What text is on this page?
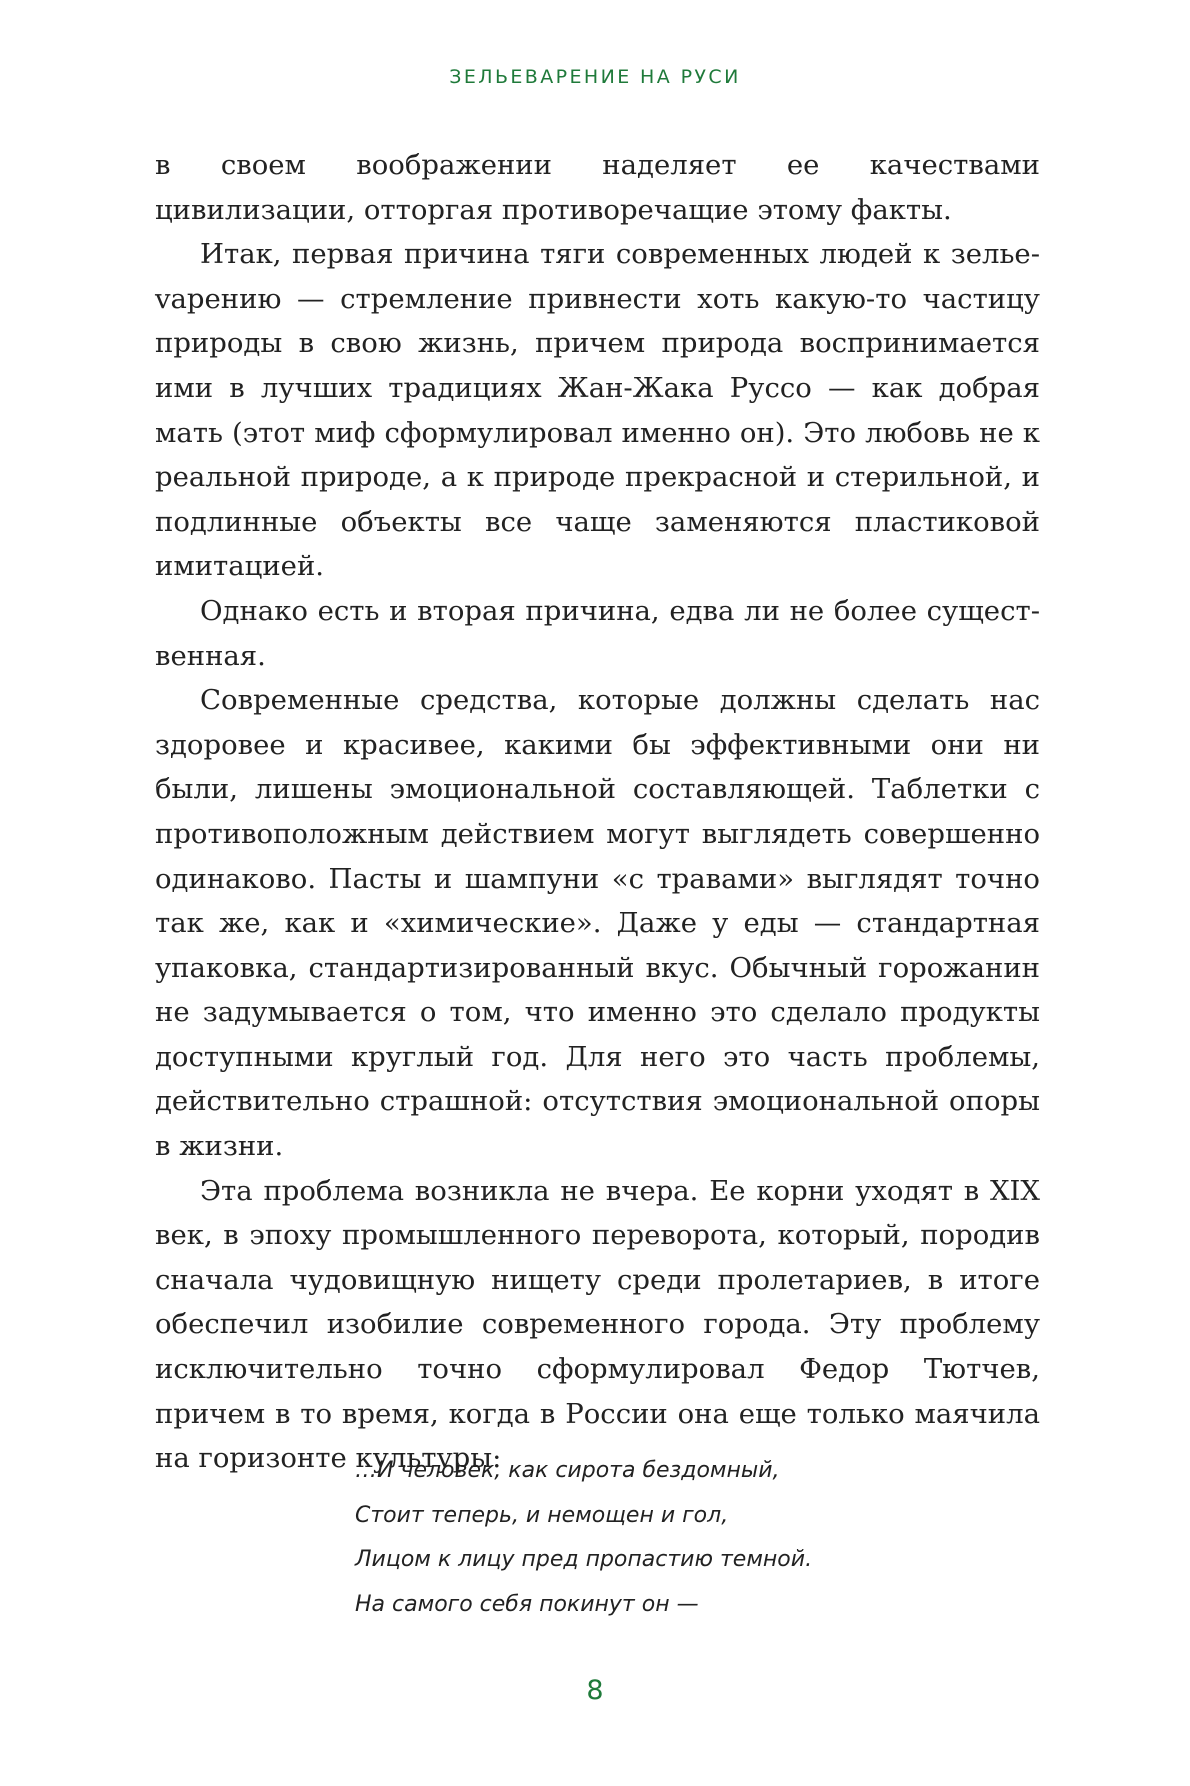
ЗЕЛЬЕВАРЕНИЕ НА РУСИ

в своем воображении наделяет ее качествами цивилизации, отторгая противоречащие этому факты.

Итак, первая причина тяги современных людей к зельеvарению — стремление привнести хоть какую-то частицу природы в свою жизнь, причем природа воспринимается ими в лучших традициях Жан-Жака Руссо — как добрая мать (этот миф сформулировал именно он). Это любовь не к реальной природе, а к природе прекрасной и стерильной, и подлинные объекты все чаще заменяются пластиковой имитацией.

Однако есть и вторая причина, едва ли не более существенная.

Современные средства, которые должны сделать нас здоровее и красивее, какими бы эффективными они ни были, лишены эмоциональной составляющей. Таблетки с противоположным действием могут выглядеть совершенно одинаково. Пасты и шампуни «с травами» выглядят точно так же, как и «химические». Даже у еды — стандартная упаковка, стандартизированный вкус. Обычный горожанин не задумывается о том, что именно это сделало продукты доступными круглый год. Для него это часть проблемы, действительно страшной: отсутствия эмоциональной опоры в жизни.

Эта проблема возникла не вчера. Ее корни уходят в XIX век, в эпоху промышленного переворота, который, породив сначала чудовищную нищету среди пролетариев, в итоге обеспечил изобилие современного города. Эту проблему исключительно точно сформулировал Федор Тютчев, причем в то время, когда в России она еще только маячила на горизонте культуры:

…И человек, как сирота бездомный,
Стоит теперь, и немощен и гол,
Лицом к лицу пред пропастию темной.
На самого себя покинут он —
8
